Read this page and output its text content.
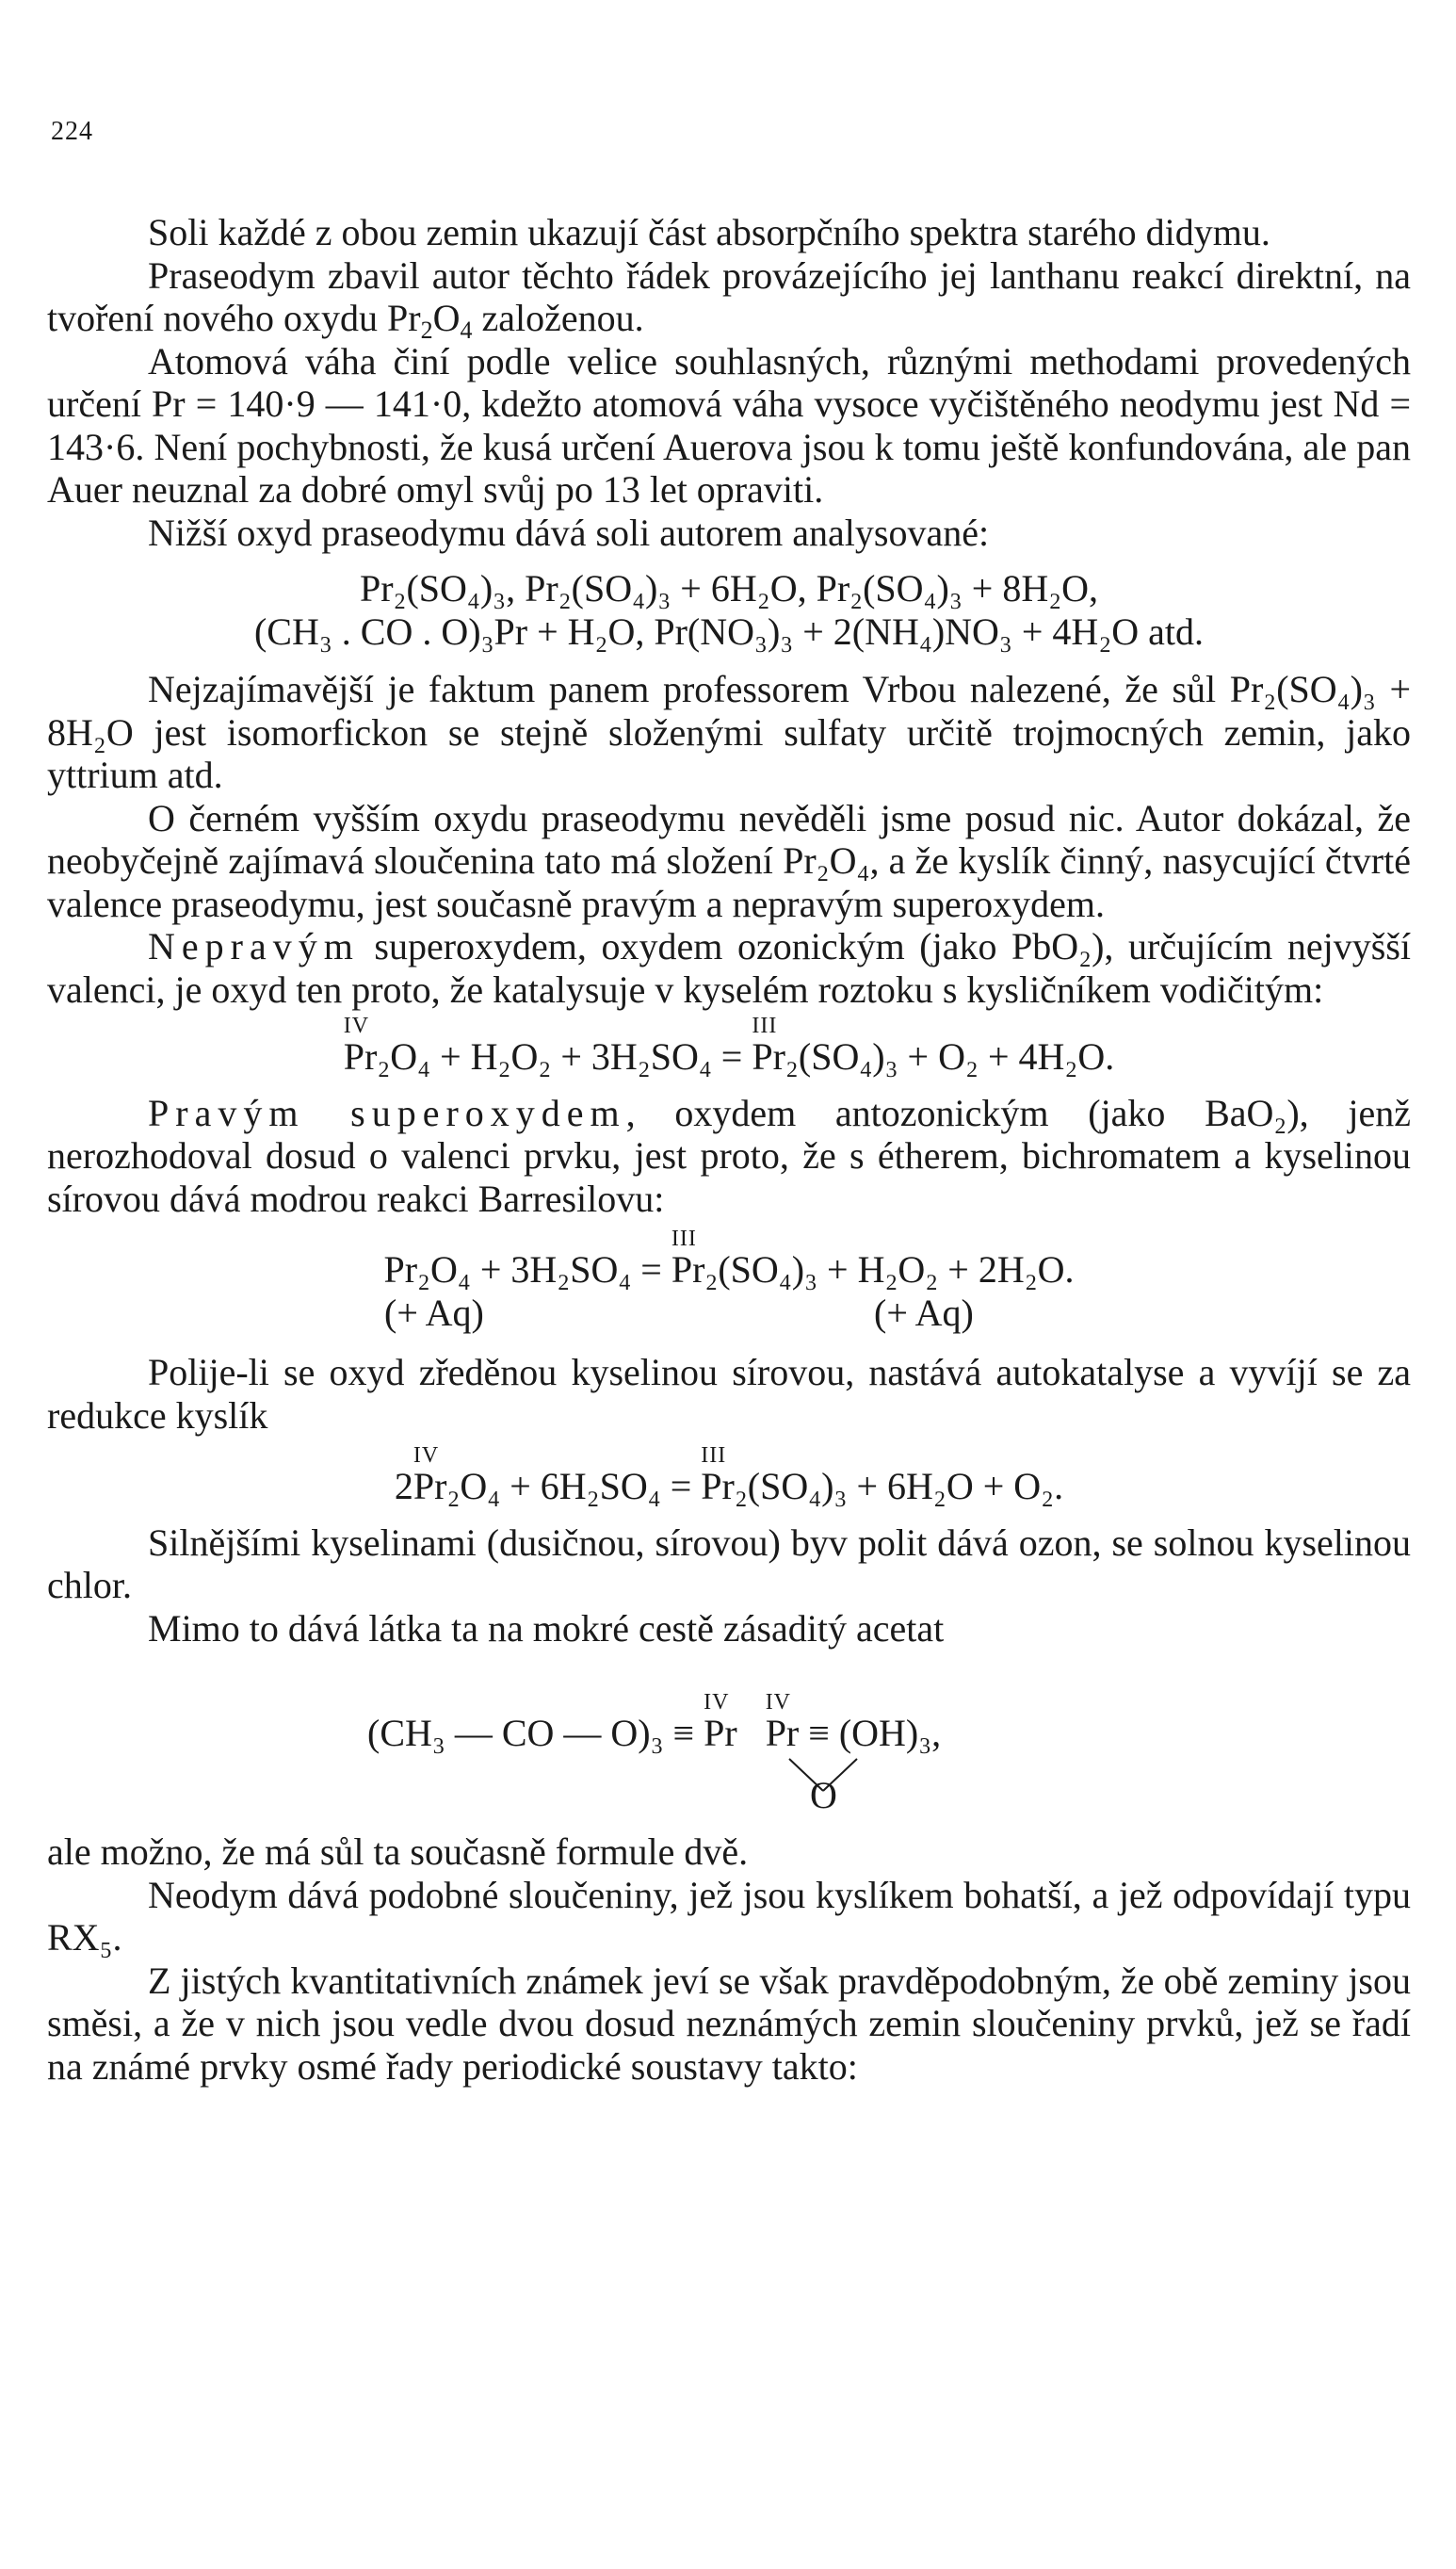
224

Soli každé z obou zemin ukazují část absorpčního spektra starého didymu.

Praseodym zbavil autor těchto řádek provázejícího jej lanthanu reakcí direktní, na tvoření nového oxydu $Pr_2O_4$ založenou.

Atomová váha činí podle velice souhlasných, různými methodami provedených určení Pr = 140·9 — 141·0, kdežto atomová váha vysoce vyčištěného neodymu jest Nd = 143·6. Není pochybnosti, že kusá určení Auerova jsou k tomu ještě konfundována, ale pan Auer neuznal za dobré omyl svůj po 13 let opraviti.

Nižší oxyd praseodymu dává soli autorem analysované:

Pr₂(SO₄)₃, Pr₂(SO₄)₃ + 6H₂O, Pr₂(SO₄)₃ + 8H₂O,

(CH₃ . CO . O)₃Pr + H₂O, Pr(NO₃)₃ + 2(NH₄)NO₃ + 4H₂O atd.

Nejzajímavější je faktum panem professorem Vrbou nalezené, že sůl Pr₂(SO₄)₃ + 8H₂O jest isomorfickon se stejně složenými sulfaty určitě trojmocných zemin, jako yttrium atd.

O černém vyšším oxydu praseodymu nevěděli jsme posud nic. Autor dokázal, že neobyčejně zajímavá sloučenina tato má složení Pr₂O₄, a že kyslík činný, nasycující čtvrté valence praseodymu, jest současně pravým a nepravým superoxydem.

Nepravým superoxydem, oxydem ozonickým (jako PbO₂), určujícím nejvyšší valenci, je oxyd ten proto, že katalysuje v kyselém roztoku s kysličníkem vodičitým:

IV
Pr₂O₄ + H₂O₂ + 3H₂SO₄ =
III
Pr₂(SO₄)₃ + O₂ + 4H₂O.

Pravým superoxydem, oxydem antozonickým (jako BaO₂), jenž nerozhodoval dosud o valenci prvku, jest proto, že s étherem, bichromatem a kyselinou sírovou dává modrou reakci Barresilovu:

Pr₂O₄ + 3H₂SO₄ =
III
Pr₂(SO₄)₃ + H₂O₂ + 2H₂O.

(+ Aq)	(+ Aq)

Polije-li se oxyd zředěnou kyselinou sírovou, nastává autokatalyse a vyvíjí se za redukce kyslík

2
IV
Pr₂O₄ + 6H₂SO₄ =
III
Pr₂(SO₄)₃ + 6H₂O + O₂.

Silnějšími kyselinami (dusičnou, sírovou) byv polit dává ozon, se solnou kyselinou chlor.

Mimo to dává látka ta na mokré cestě zásaditý acetat

(CH₃ — CO — O)₃ ≡
IV
Pr
IV
Pr ≡ (OH)₃,
O

ale možno, že má sůl ta současně formule dvě.

Neodym dává podobné sloučeniny, jež jsou kyslíkem bohatší, a jež odpovídají typu RX₅.

Z jistých kvantitativních známek jeví se však pravděpodobným, že obě zeminy jsou směsi, a že v nich jsou vedle dvou dosud neznámých zemin sloučeniny prvků, jež se řadí na známé prvky osmé řady periodické soustavy takto:
